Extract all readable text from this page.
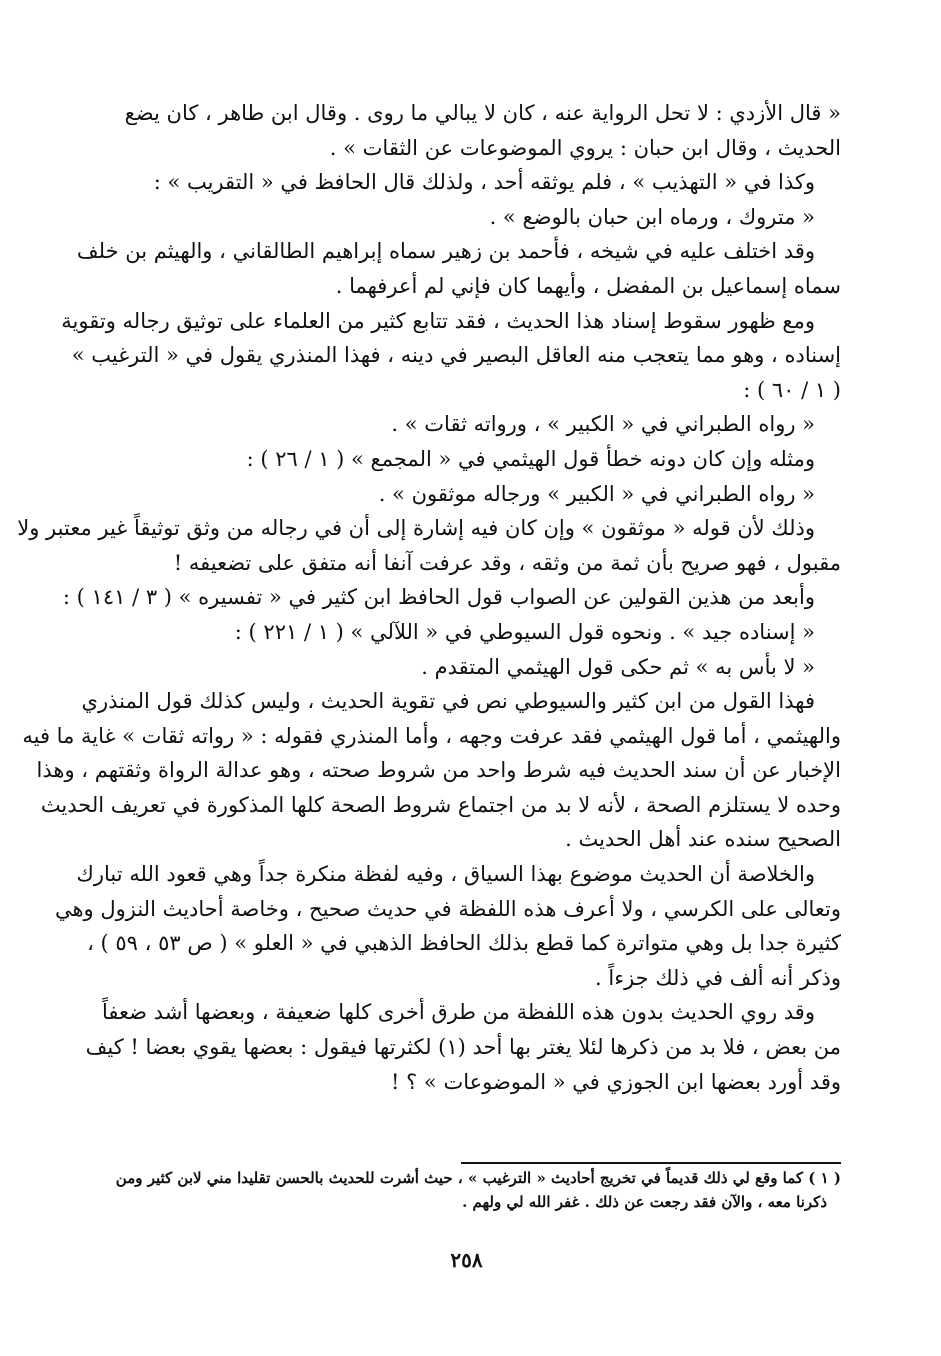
« قال الأزدي : لا تحل الرواية عنه ، كان لا يبالي ما روى . وقال ابن طاهر ، كان يضع
الحديث ، وقال ابن حبان : يروي الموضوعات عن الثقات » .

وكذا في « التهذيب » ، فلم يوثقه أحد ، ولذلك قال الحافظ في « التقريب » :

« متروك ، ورماه ابن حبان بالوضع » .

وقد اختلف عليه في شيخه ، فأحمد بن زهير سماه إبراهيم الطالقاني ، والهيثم بن خلف
سماه إسماعيل بن المفضل ، وأيهما كان فإني لم أعرفهما .

ومع ظهور سقوط إسناد هذا الحديث ، فقد تتابع كثير من العلماء على توثيق رجاله وتقوية
إسناده ، وهو مما يتعجب منه العاقل البصير في دينه ، فهذا المنذري يقول في « الترغيب »
( ١ / ٦٠ ) :

« رواه الطبراني في « الكبير » ، ورواته ثقات » .

ومثله وإن كان دونه خطأ قول الهيثمي في « المجمع » ( ١ / ٢٦ ) :

« رواه الطبراني في « الكبير » ورجاله موثقون » .

وذلك لأن قوله « موثقون » وإن كان فيه إشارة إلى أن في رجاله من وثق توثيقاً غير معتبر ولا
مقبول ، فهو صريح بأن ثمة من وثقه ، وقد عرفت آنفا أنه متفق على تضعيفه !

وأبعد من هذين القولين عن الصواب قول الحافظ ابن كثير في « تفسيره » ( ٣ / ١٤١ ) :

« إسناده جيد » . ونحوه قول السيوطي في « اللآلي » ( ١ / ٢٢١ ) :

« لا بأس به » ثم حكى قول الهيثمي المتقدم .

فهذا القول من ابن كثير والسيوطي نص في تقوية الحديث ، وليس كذلك قول المنذري
والهيثمي ، أما قول الهيثمي فقد عرفت وجهه ، وأما المنذري فقوله : « رواته ثقات » غاية ما فيه
الإخبار عن أن سند الحديث فيه شرط واحد من شروط صحته ، وهو عدالة الرواة وثقتهم ، وهذا
وحده لا يستلزم الصحة ، لأنه لا بد من اجتماع شروط الصحة كلها المذكورة في تعريف الحديث
الصحيح سنده عند أهل الحديث .

والخلاصة أن الحديث موضوع بهذا السياق ، وفيه لفظة منكرة جداً وهي قعود الله تبارك
وتعالى على الكرسي ، ولا أعرف هذه اللفظة في حديث صحيح ، وخاصة أحاديث النزول وهي
كثيرة جدا بل وهي متواترة كما قطع بذلك الحافظ الذهبي في « العلو » ( ص ٥٣ ، ٥٩ ) ،
وذكر أنه ألف في ذلك جزءاً .

وقد روي الحديث بدون هذه اللفظة من طرق أخرى كلها ضعيفة ، وبعضها أشد ضعفاً
من بعض ، فلا بد من ذكرها لئلا يغتر بها أحد (١) لكثرتها فيقول : بعضها يقوي بعضا ! كيف
وقد أورد بعضها ابن الجوزي في « الموضوعات » ؟ !

( ١ ) كما وقع لي ذلك قديماً في تخريج أحاديث « الترغيب » ، حيث أشرت للحديث بالحسن تقليدا مني لابن كثير ومن
ذكرنا معه ، والآن فقد رجعت عن ذلك . غفر الله لي ولهم .
٢٥٨
